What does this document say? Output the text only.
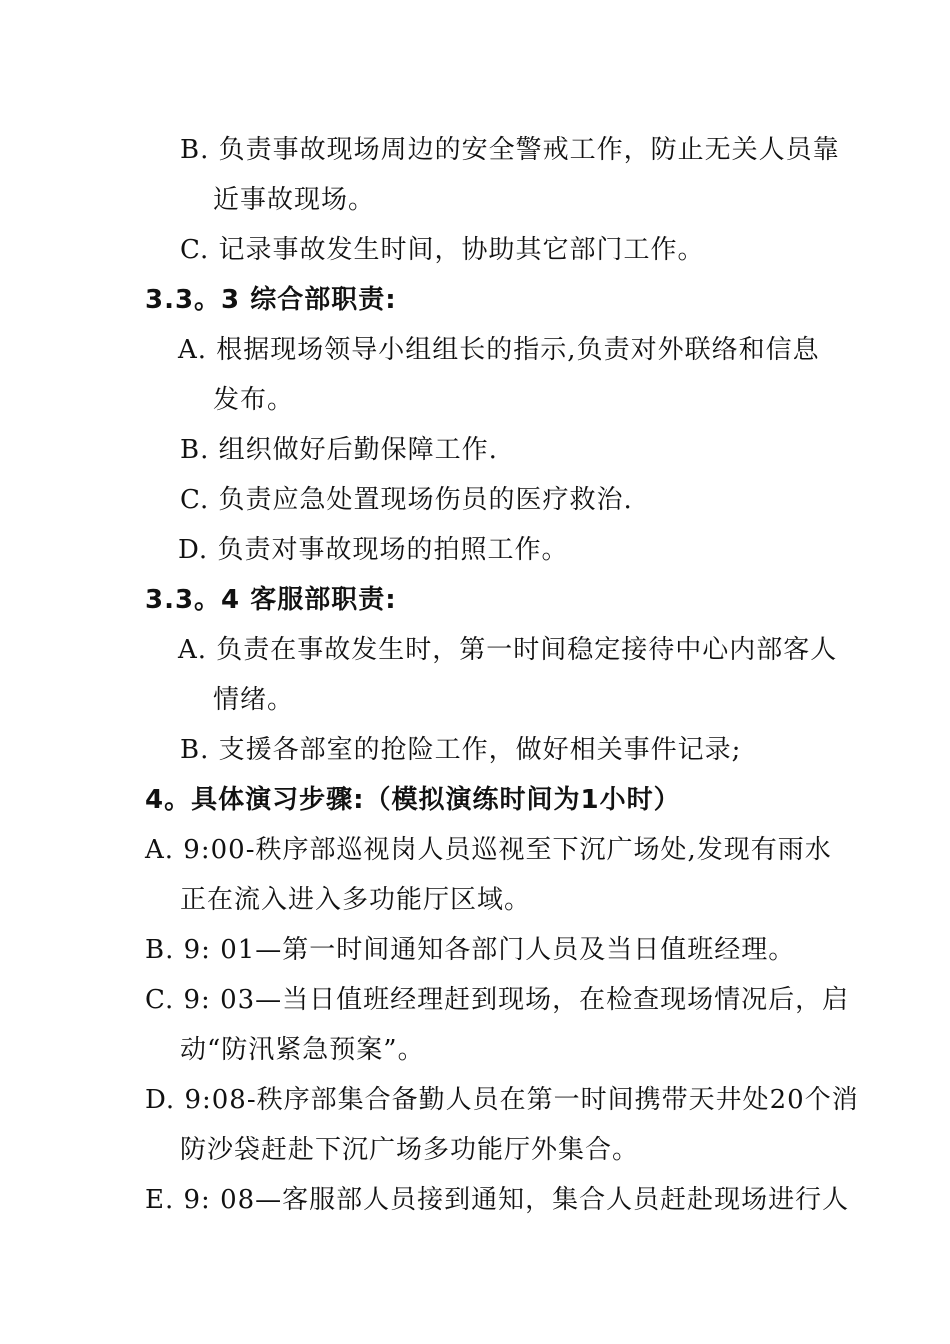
B. 负责事故现场周边的安全警戒工作，防止无关人员靠
近事故现场。
C. 记录事故发生时间，协助其它部门工作。
3.3。3 综合部职责:
A. 根据现场领导小组组长的指示,负责对外联络和信息
发布。
B. 组织做好后勤保障工作.
C. 负责应急处置现场伤员的医疗救治.
D. 负责对事故现场的拍照工作。
3.3。4 客服部职责:
A. 负责在事故发生时，第一时间稳定接待中心内部客人
情绪。
B. 支援各部室的抢险工作，做好相关事件记录;
4。具体演习步骤:（模拟演练时间为1小时）
A. 9:00-秩序部巡视岗人员巡视至下沉广场处,发现有雨水
正在流入进入多功能厅区域。
B. 9: 01—第一时间通知各部门人员及当日值班经理。
C. 9: 03—当日值班经理赶到现场，在检查现场情况后，启
动“防汛紧急预案”。
D. 9:08-秩序部集合备勤人员在第一时间携带天井处20个消
防沙袋赶赴下沉广场多功能厅外集合。
E. 9: 08—客服部人员接到通知，集合人员赶赴现场进行人
